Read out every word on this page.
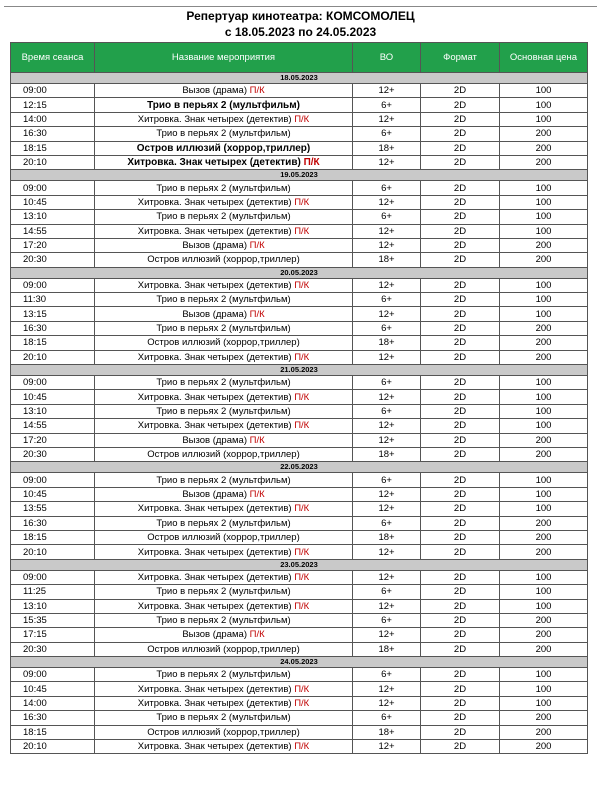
Репертуар кинотеатра: КОМСОМОЛЕЦ
с 18.05.2023 по 24.05.2023
Время сеанса	Название мероприятия	ВО	Формат	Основная цена
18.05.2023				
09:00	Вызов (драма) П/К	12+	2D	100
12:15	Трио в перьях 2 (мультфильм)	6+	2D	100
14:00	Хитровка. Знак четырех (детектив) П/К	12+	2D	100
16:30	Трио в перьях 2 (мультфильм)	6+	2D	200
18:15	Остров иллюзий (хоррор,триллер)	18+	2D	200
20:10	Хитровка. Знак четырех (детектив) П/К	12+	2D	200
19.05.2023				
09:00	Трио в перьях 2 (мультфильм)	6+	2D	100
10:45	Хитровка. Знак четырех (детектив) П/К	12+	2D	100
13:10	Трио в перьях 2 (мультфильм)	6+	2D	100
14:55	Хитровка. Знак четырех (детектив) П/К	12+	2D	100
17:20	Вызов (драма) П/К	12+	2D	200
20:30	Остров иллюзий (хоррор,триллер)	18+	2D	200
20.05.2023				
09:00	Хитровка. Знак четырех (детектив) П/К	12+	2D	100
11:30	Трио в перьях 2 (мультфильм)	6+	2D	100
13:15	Вызов (драма) П/К	12+	2D	100
16:30	Трио в перьях 2 (мультфильм)	6+	2D	200
18:15	Остров иллюзий (хоррор,триллер)	18+	2D	200
20:10	Хитровка. Знак четырех (детектив) П/К	12+	2D	200
21.05.2023				
09:00	Трио в перьях 2 (мультфильм)	6+	2D	100
10:45	Хитровка. Знак четырех (детектив) П/К	12+	2D	100
13:10	Трио в перьях 2 (мультфильм)	6+	2D	100
14:55	Хитровка. Знак четырех (детектив) П/К	12+	2D	100
17:20	Вызов (драма) П/К	12+	2D	200
20:30	Остров иллюзий (хоррор,триллер)	18+	2D	200
22.05.2023				
09:00	Трио в перьях 2 (мультфильм)	6+	2D	100
10:45	Вызов (драма) П/К	12+	2D	100
13:55	Хитровка. Знак четырех (детектив) П/К	12+	2D	100
16:30	Трио в перьях 2 (мультфильм)	6+	2D	200
18:15	Остров иллюзий (хоррор,триллер)	18+	2D	200
20:10	Хитровка. Знак четырех (детектив) П/К	12+	2D	200
23.05.2023				
09:00	Хитровка. Знак четырех (детектив) П/К	12+	2D	100
11:25	Трио в перьях 2 (мультфильм)	6+	2D	100
13:10	Хитровка. Знак четырех (детектив) П/К	12+	2D	100
15:35	Трио в перьях 2 (мультфильм)	6+	2D	200
17:15	Вызов (драма) П/К	12+	2D	200
20:30	Остров иллюзий (хоррор,триллер)	18+	2D	200
24.05.2023				
09:00	Трио в перьях 2 (мультфильм)	6+	2D	100
10:45	Хитровка. Знак четырех (детектив) П/К	12+	2D	100
14:00	Хитровка. Знак четырех (детектив) П/К	12+	2D	100
16:30	Трио в перьях 2 (мультфильм)	6+	2D	200
18:15	Остров иллюзий (хоррор,триллер)	18+	2D	200
20:10	Хитровка. Знак четырех (детектив) П/К	12+	2D	200
